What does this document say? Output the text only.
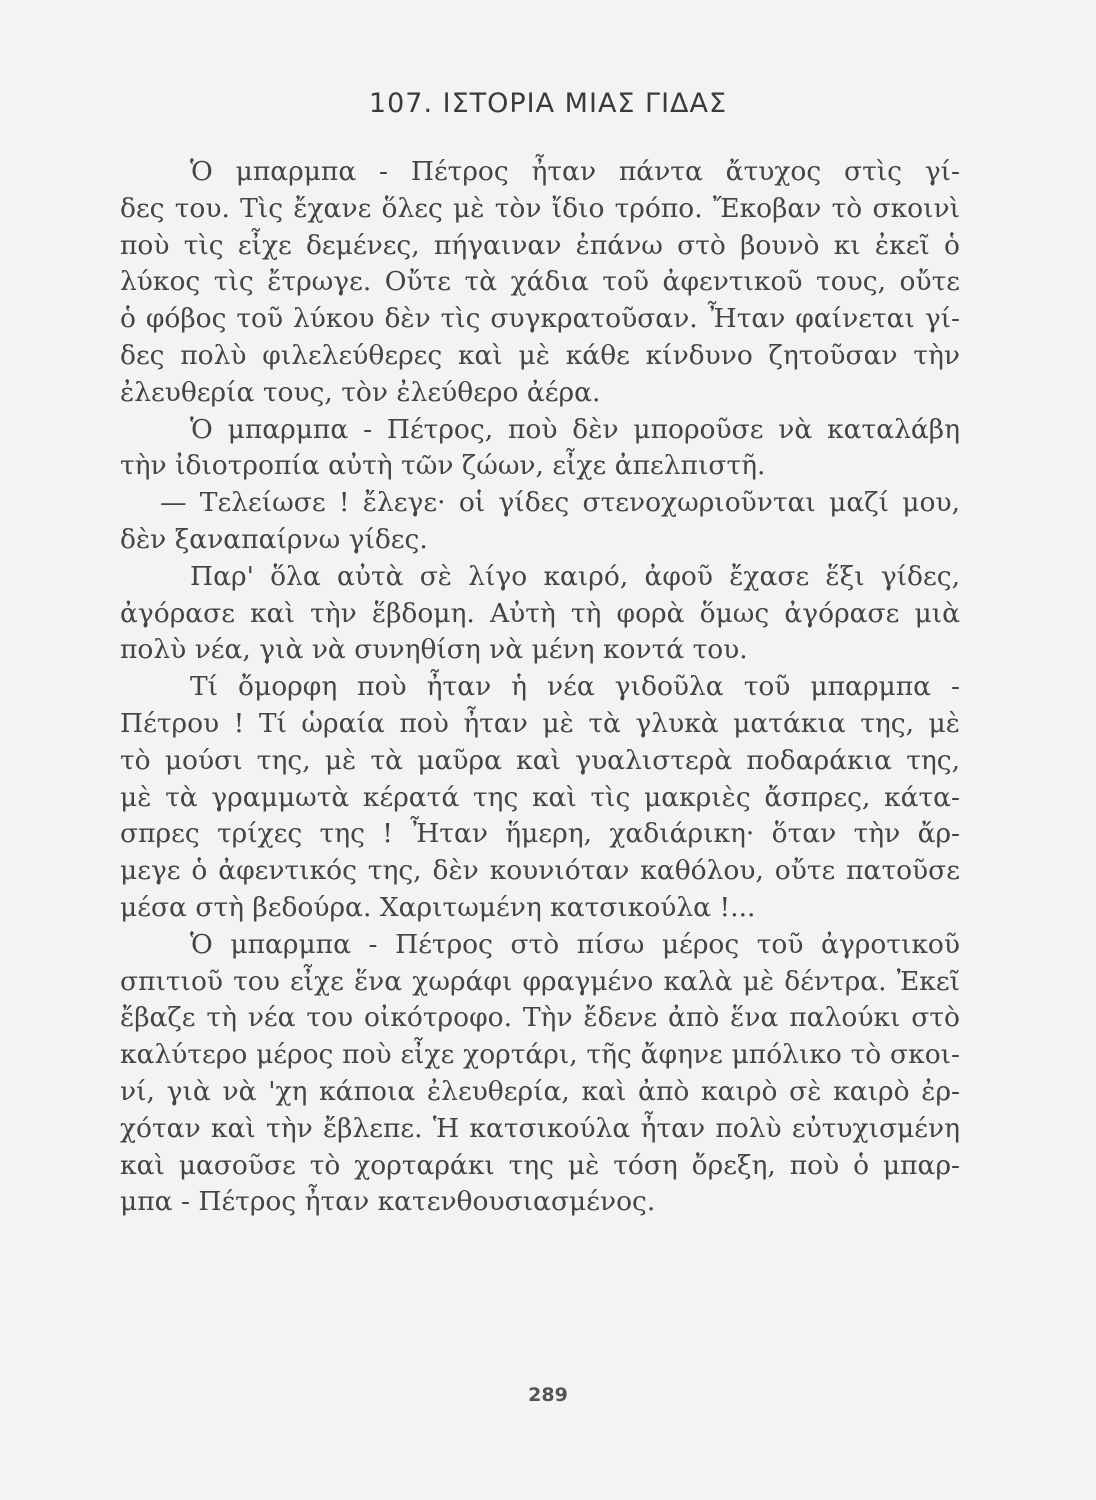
107. ΙΣΤΟΡΙΑ ΜΙΑΣ ΓΙΔΑΣ
Ὁ μπαρμπα - Πέτρος ἦταν πάντα ἄτυχος στὶς γί-
δες του. Τὶς ἔχανε ὅλες μὲ τὸν ἴδιο τρόπο. Ἔκοβαν τὸ σκοινὶ
ποὺ τὶς εἶχε δεμένες, πήγαιναν ἐπάνω στὸ βουνὸ κι ἐκεῖ ὁ
λύκος τὶς ἔτρωγε. Οὔτε τὰ χάδια τοῦ ἀφεντικοῦ τους, οὔτε
ὁ φόβος τοῦ λύκου δὲν τὶς συγκρατοῦσαν. Ἦταν φαίνεται γί-
δες πολὺ φιλελεύθερες καὶ μὲ κάθε κίνδυνο ζητοῦσαν τὴν
ἐλευθερία τους, τὸν ἐλεύθερο ἀέρα.
Ὁ μπαρμπα - Πέτρος, ποὺ δὲν μποροῦσε νὰ καταλάβη
τὴν ἰδιοτροπία αὐτὴ τῶν ζώων, εἶχε ἀπελπιστῆ.
— Τελείωσε ! ἔλεγε· οἱ γίδες στενοχωριοῦνται μαζί μου,
δὲν ξαναπαίρνω γίδες.
Παρ' ὅλα αὐτὰ σὲ λίγο καιρό, ἀφοῦ ἔχασε ἕξι γίδες,
ἀγόρασε καὶ τὴν ἕβδομη. Αὐτὴ τὴ φορὰ ὅμως ἀγόρασε μιὰ
πολὺ νέα, γιὰ νὰ συνηθίση νὰ μένη κοντά του.
Τί ὄμορφη ποὺ ἦταν ἡ νέα γιδοῦλα τοῦ μπαρμπα -
Πέτρου ! Τί ὡραία ποὺ ἦταν μὲ τὰ γλυκὰ ματάκια της, μὲ
τὸ μούσι της, μὲ τὰ μαῦρα καὶ γυαλιστερὰ ποδαράκια της,
μὲ τὰ γραμμωτὰ κέρατά της καὶ τὶς μακριὲς ἄσπρες, κάτα-
σπρες τρίχες της ! Ἦταν ἥμερη, χαδιάρικη· ὅταν τὴν ἄρ-
μεγε ὁ ἀφεντικός της, δὲν κουνιόταν καθόλου, οὔτε πατοῦσε
μέσα στὴ βεδούρα. Χαριτωμένη κατσικούλα !...
Ὁ μπαρμπα - Πέτρος στὸ πίσω μέρος τοῦ ἀγροτικοῦ
σπιτιοῦ του εἶχε ἕνα χωράφι φραγμένο καλὰ μὲ δέντρα. Ἐκεῖ
ἔβαζε τὴ νέα του οἰκότροφο. Τὴν ἔδενε ἀπὸ ἕνα παλούκι στὸ
καλύτερο μέρος ποὺ εἶχε χορτάρι, τῆς ἄφηνε μπόλικο τὸ σκοι-
νί, γιὰ νὰ 'χη κάποια ἐλευθερία, καὶ ἀπὸ καιρὸ σὲ καιρὸ ἐρ-
χόταν καὶ τὴν ἔβλεπε. Ἡ κατσικούλα ἦταν πολὺ εὐτυχισμένη
καὶ μασοῦσε τὸ χορταράκι της μὲ τόση ὄρεξη, ποὺ ὁ μπαρ-
μπα - Πέτρος ἦταν κατενθουσιασμένος.
289
